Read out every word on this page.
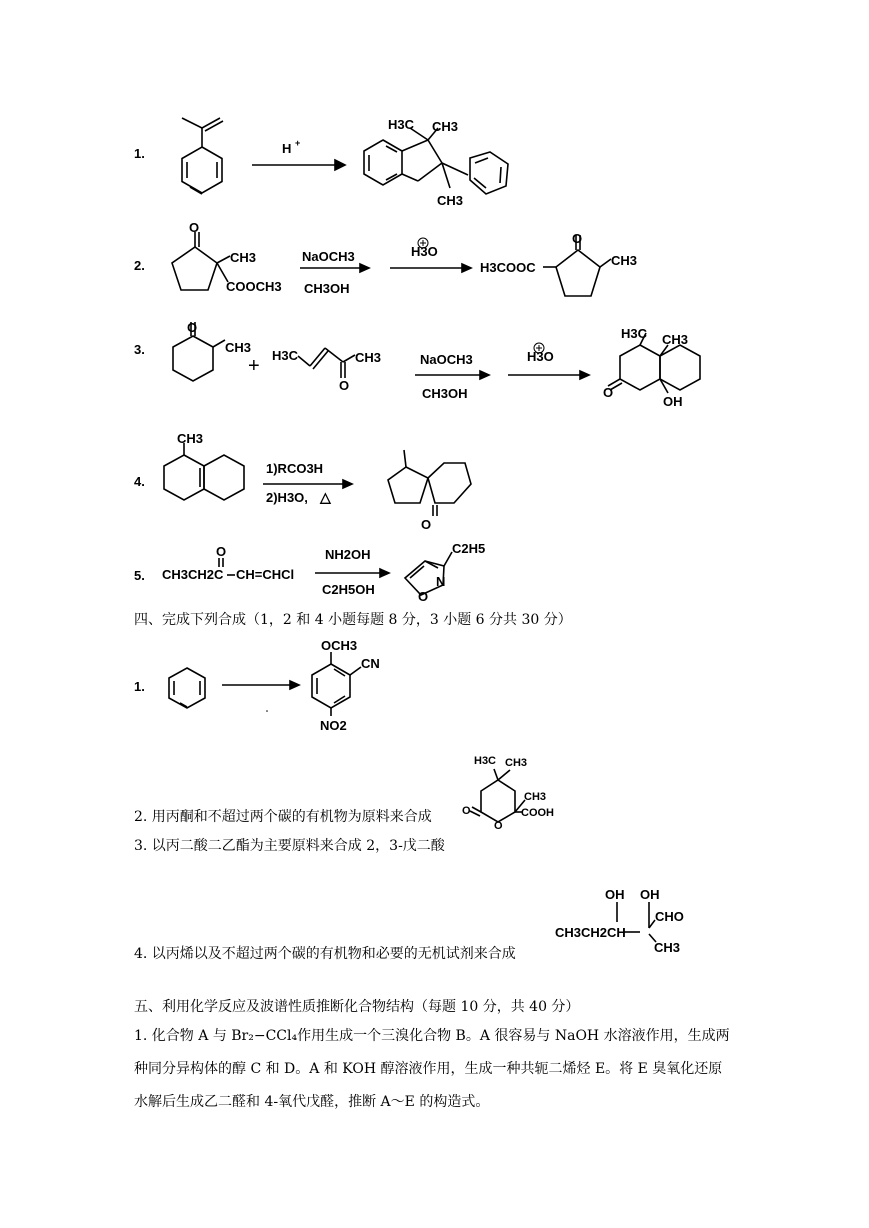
1.	H +
H3C CH3
CH3
2.
O
CH3
COOCH3
NaOCH3
CH3OH
H3O
H3COOC
O
CH3
3.
O
CH3
+ H3C	CH3
O
NaOCH3
CH3OH
H3O
H3C CH3
O
OH
4.
CH3
1)RCO3H
2)H3O, △
O
5. CH3CH2C
O
CH=CHCl
NH2OH
C2H5OH
N
O
C2H5
四、完成下列合成（1，2 和 4 小题每题 8 分，3 小题 6 分共 30 分）
1.
OCH3
CN
NO2
2. 用丙酮和不超过两个碳的有机物为原料来合成
H3C CH3
CH3
COOH
O
O
3. 以丙二酸二乙酯为主要原料来合成 2，3-戊二酸
4. 以丙烯以及不超过两个碳的有机物和必要的无机试剂来合成
OH OH
CH3CH2CH
CHO
CH3
五、利用化学反应及波谱性质推断化合物结构（每题 10 分，共 40 分）
1. 化合物 A 与 Br₂−CCl₄作用生成一个三溴化合物 B。A 很容易与 NaOH 水溶液作用，生成两
种同分异构体的醇 C 和 D。A 和 KOH 醇溶液作用，生成一种共轭二烯烃 E。将 E 臭氧化还原
水解后生成乙二醛和 4-氧代戊醛，推断 A～E 的构造式。
